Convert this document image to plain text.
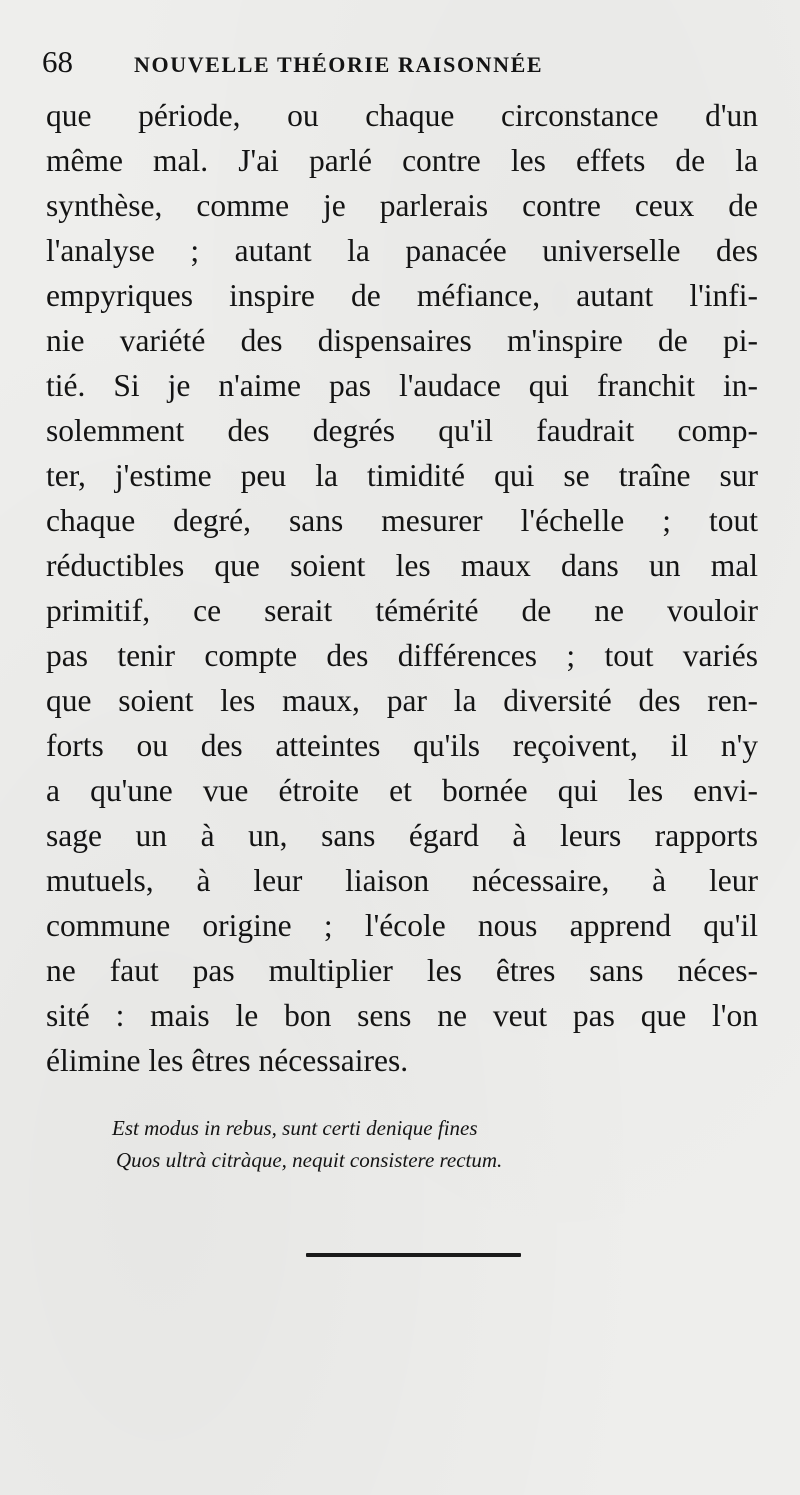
68	NOUVELLE THÉORIE RAISONNÉE
que période, ou chaque circonstance d'un
même mal. J'ai parlé contre les effets de la
synthèse, comme je parlerais contre ceux de
l'analyse ; autant la panacée universelle des
empyriques inspire de méfiance, autant l'infi-
nie variété des dispensaires m'inspire de pi-
tié. Si je n'aime pas l'audace qui franchit in-
solemment des degrés qu'il faudrait comp-
ter, j'estime peu la timidité qui se traîne sur
chaque degré, sans mesurer l'échelle ; tout
réductibles que soient les maux dans un mal
primitif, ce serait témérité de ne vouloir
pas tenir compte des différences ; tout variés
que soient les maux, par la diversité des ren-
forts ou des atteintes qu'ils reçoivent, il n'y
a qu'une vue étroite et bornée qui les envi-
sage un à un, sans égard à leurs rapports
mutuels, à leur liaison nécessaire, à leur
commune origine ; l'école nous apprend qu'il
ne faut pas multiplier les êtres sans néces-
sité : mais le bon sens ne veut pas que l'on
élimine les êtres nécessaires.
Est modus in rebus, sunt certi denique fines
Quos ultrà citràque, nequit consistere rectum.
